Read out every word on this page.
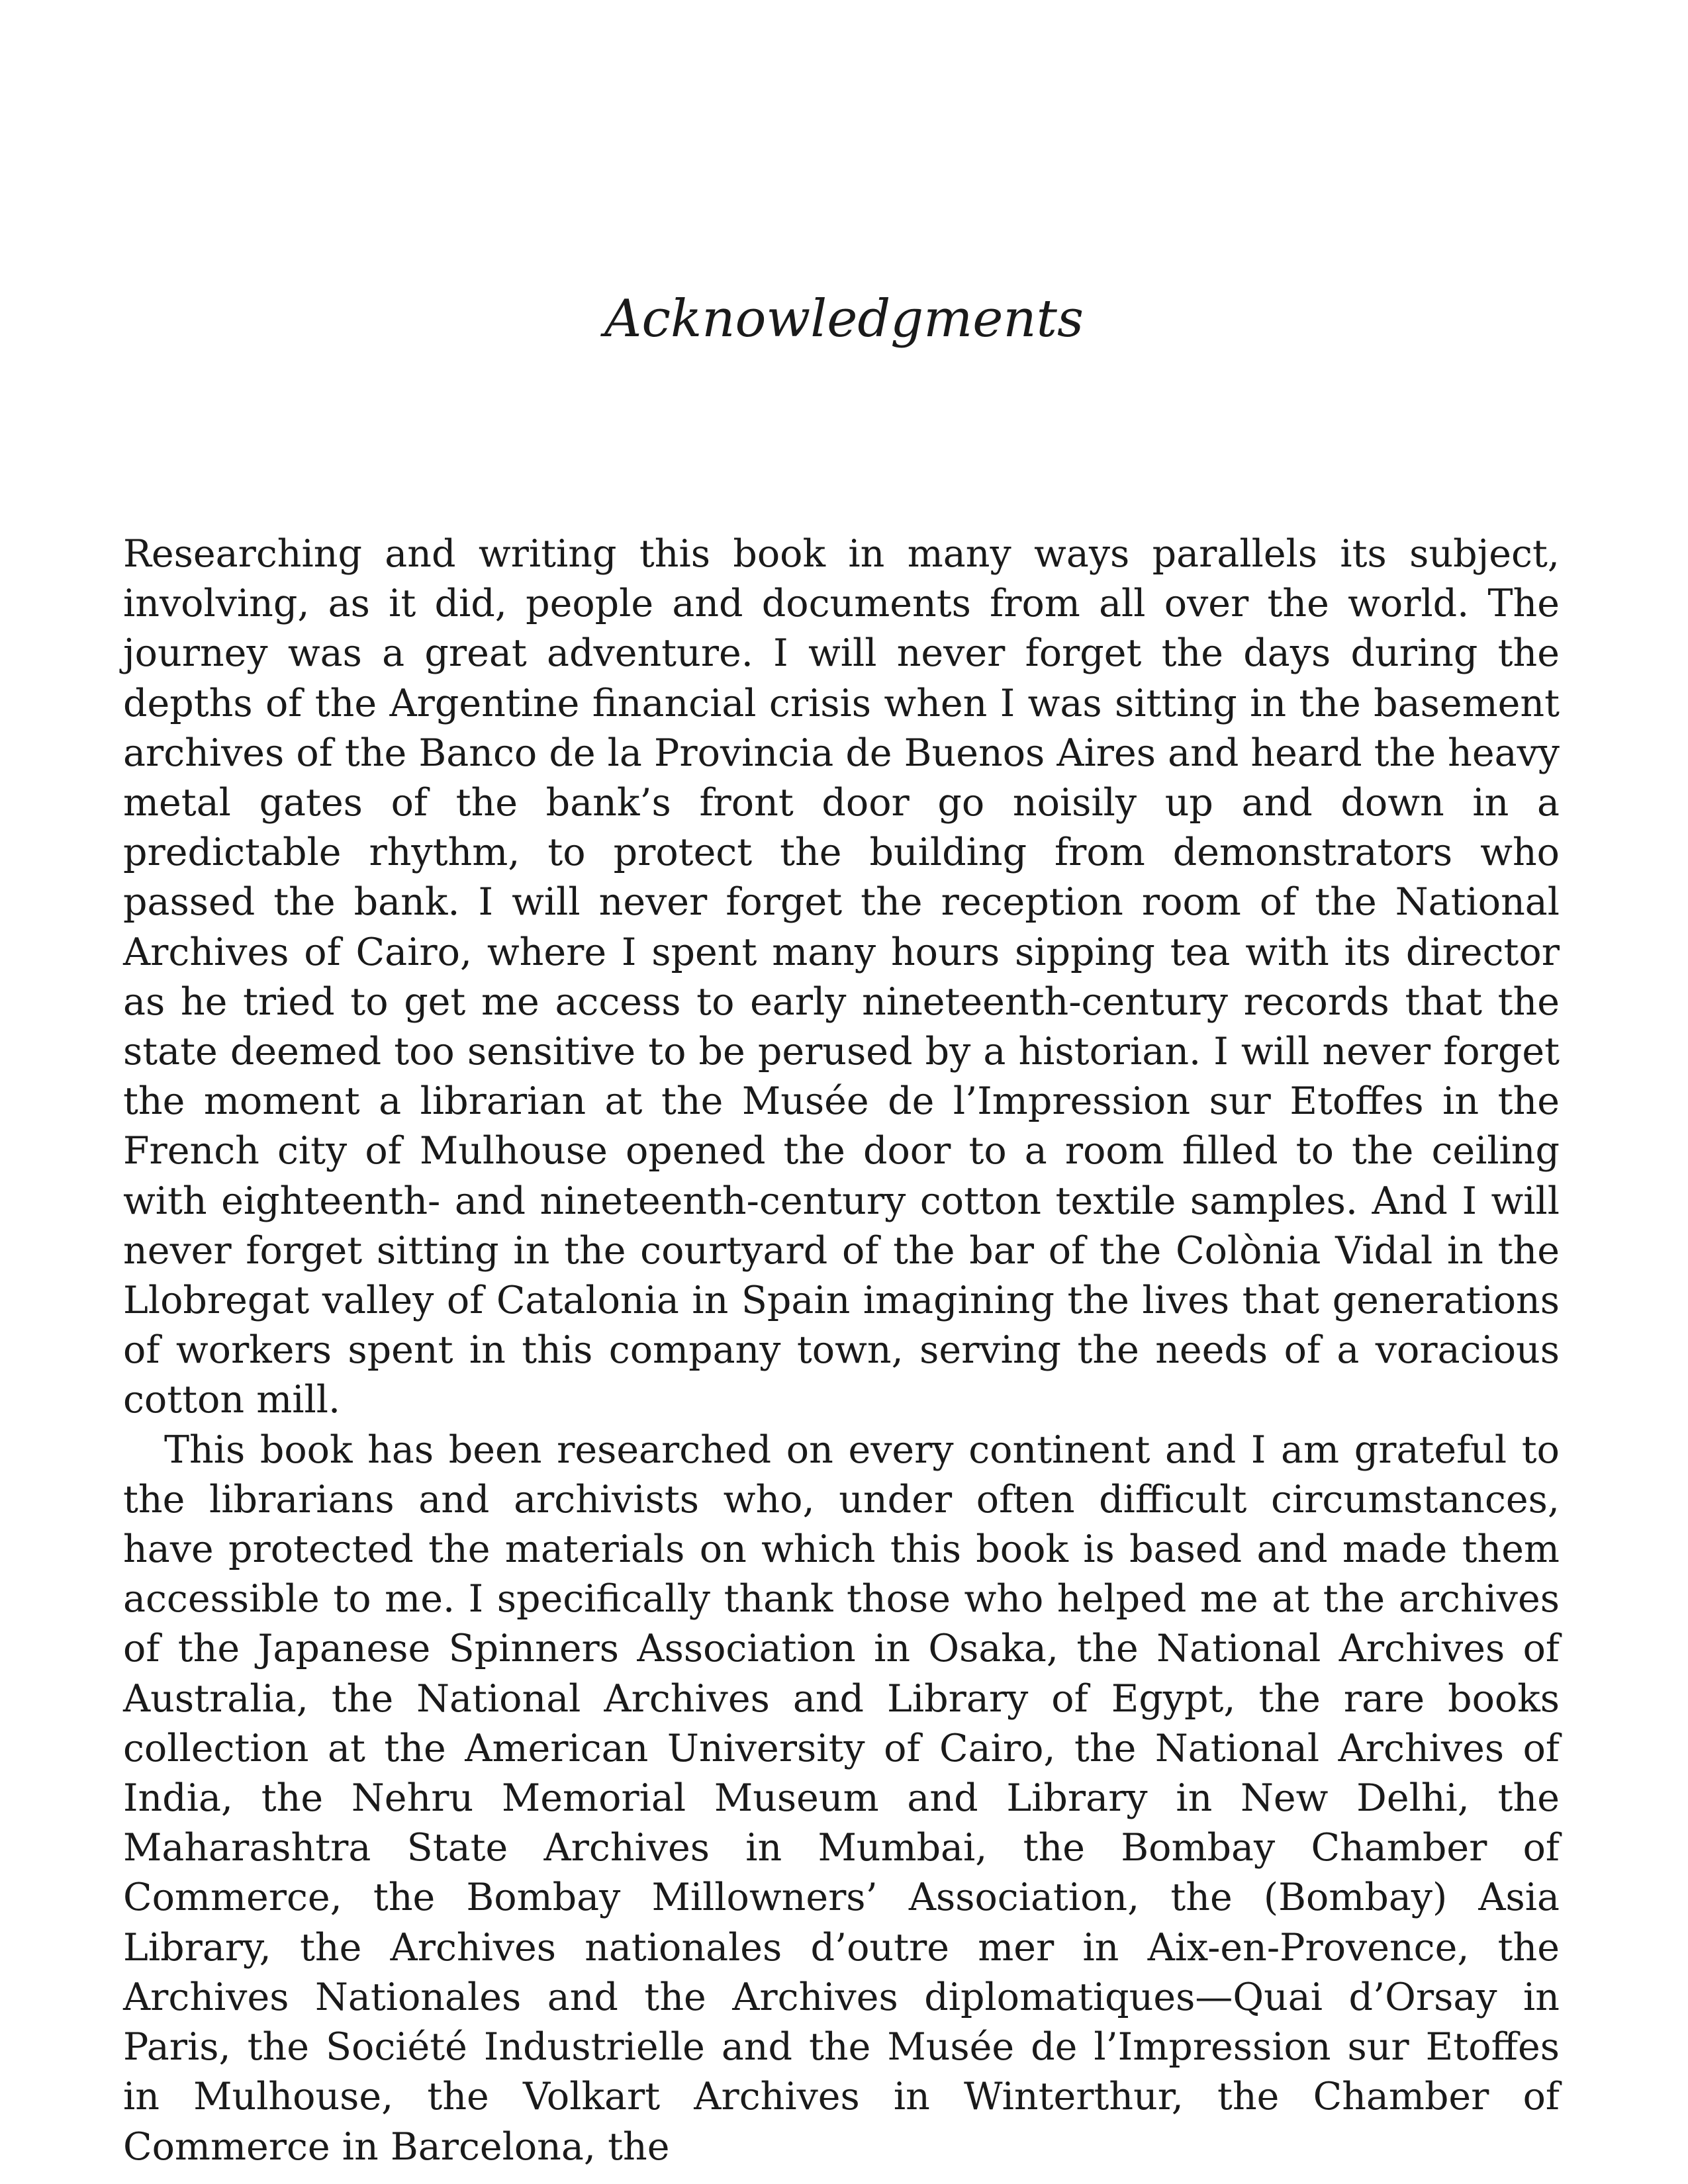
Acknowledgments

Researching and writing this book in many ways parallels its subject, involving, as it did, people and documents from all over the world. The journey was a great adventure. I will never forget the days during the depths of the Argentine financial crisis when I was sitting in the basement archives of the Banco de la Provincia de Buenos Aires and heard the heavy metal gates of the bank’s front door go noisily up and down in a predictable rhythm, to protect the building from demonstrators who passed the bank. I will never forget the reception room of the National Archives of Cairo, where I spent many hours sipping tea with its director as he tried to get me access to early nineteenth-century records that the state deemed too sensitive to be perused by a historian. I will never forget the moment a librarian at the Musée de l’Impression sur Etoffes in the French city of Mulhouse opened the door to a room filled to the ceiling with eighteenth- and nineteenth-century cotton textile samples. And I will never forget sitting in the courtyard of the bar of the Colònia Vidal in the Llobregat valley of Catalonia in Spain imagining the lives that generations of workers spent in this company town, serving the needs of a voracious cotton mill.

This book has been researched on every continent and I am grateful to the librarians and archivists who, under often difficult circumstances, have protected the materials on which this book is based and made them accessible to me. I specifically thank those who helped me at the archives of the Japanese Spinners Association in Osaka, the National Archives of Australia, the National Archives and Library of Egypt, the rare books collection at the American University of Cairo, the National Archives of India, the Nehru Memorial Museum and Library in New Delhi, the Maharashtra State Archives in Mumbai, the Bombay Chamber of Commerce, the Bombay Millowners’ Association, the (Bombay) Asia Library, the Archives nationales d’outre mer in Aix-en-Provence, the Archives Nationales and the Archives diplomatiques—Quai d’Orsay in Paris, the Société Industrielle and the Musée de l’Impression sur Etoffes in Mulhouse, the Volkart Archives in Winterthur, the Chamber of Commerce in Barcelona, the
